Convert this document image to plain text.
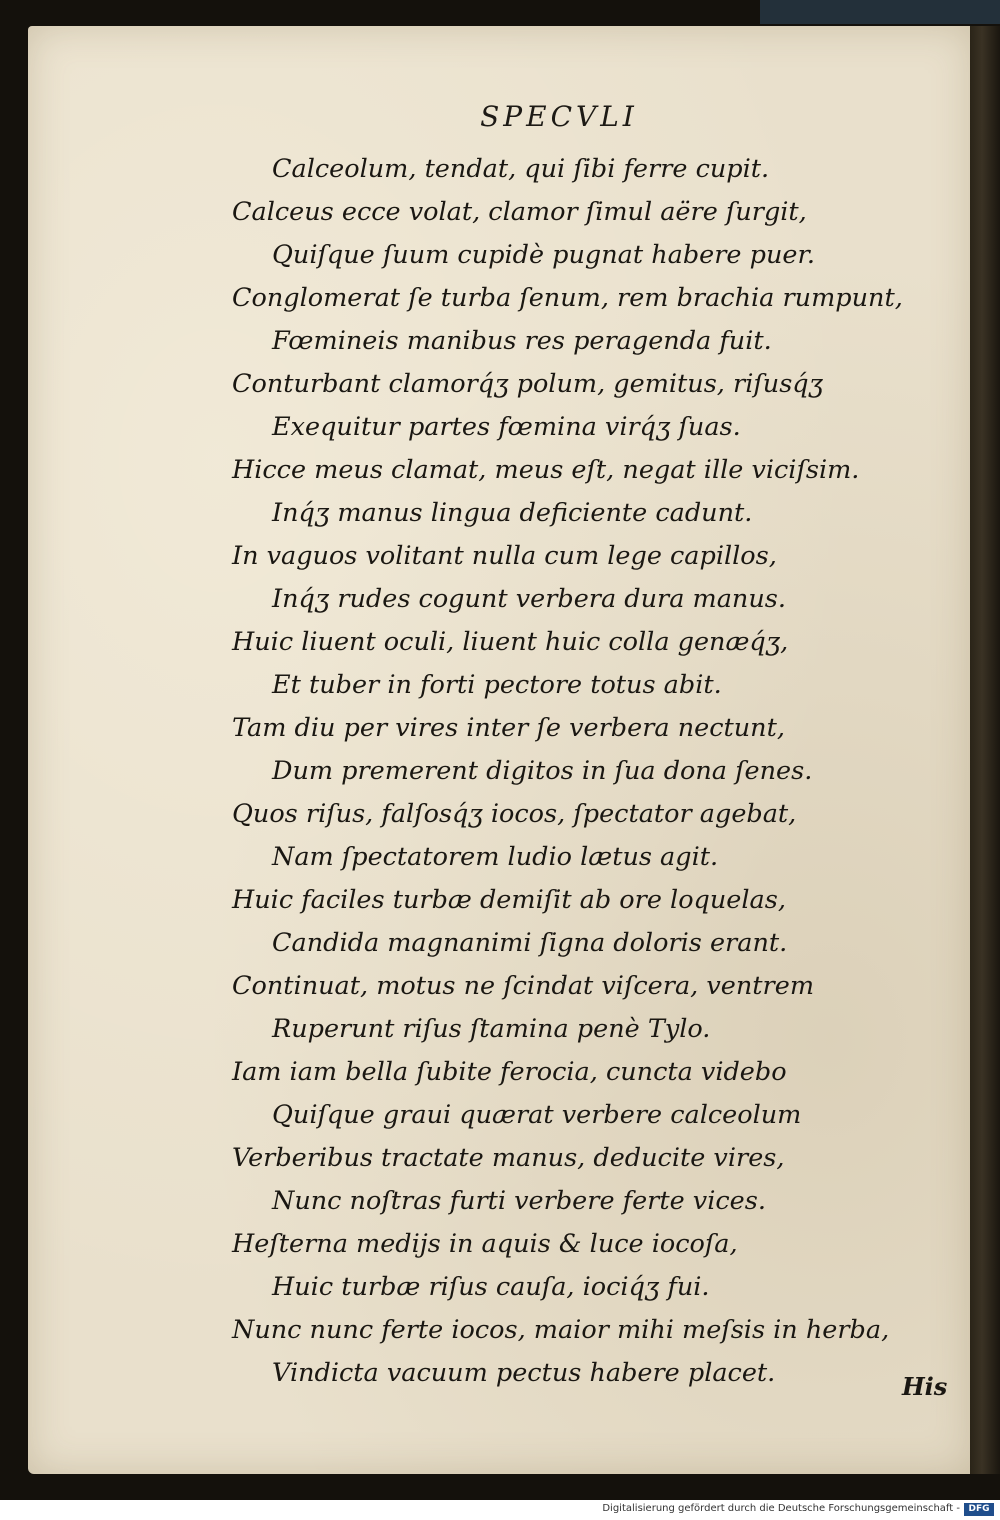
SPECVLI
Calceolum, tendat, qui ſibi ferre cupit.
Calceus ecce volat, clamor ſimul aëre ſurgit,
Quiſque ſuum cupidè pugnat habere puer.
Conglomerat ſe turba ſenum, rem brachia rumpunt,
Fœmineis manibus res peragenda fuit.
Conturbant clamorq́ʒ polum, gemitus, riſusq́ʒ
Exequitur partes fœmina virq́ʒ ſuas.
Hicce meus clamat, meus eſt, negat ille viciſsim.
Inq́ʒ manus lingua deficiente cadunt.
In vaguos volitant nulla cum lege capillos,
Inq́ʒ rudes cogunt verbera dura manus.
Huic liuent oculi, liuent huic colla genæq́ʒ,
Et tuber in forti pectore totus abit.
Tam diu per vires inter ſe verbera nectunt,
Dum premerent digitos in ſua dona ſenes.
Quos riſus, falſosq́ʒ iocos, ſpectator agebat,
Nam ſpectatorem ludio lætus agit.
Huic faciles turbæ demiſit ab ore loquelas,
Candida magnanimi ſigna doloris erant.
Continuat, motus ne ſcindat viſcera, ventrem
Ruperunt riſus ſtamina penè Tylo.
Iam iam bella ſubite ferocia, cuncta videbo
Quiſque graui quærat verbere calceolum
Verberibus tractate manus, deducite vires,
Nunc noſtras furti verbere ferte vices.
Heſterna medijs in aquis & luce iocoſa,
Huic turbæ riſus cauſa, iociq́ʒ fui.
Nunc nunc ferte iocos, maior mihi meſsis in herba,
Vindicta vacuum pectus habere placet.	His
Digitalisierung gefördert durch die Deutsche Forschungsgemeinschaft - DFG
